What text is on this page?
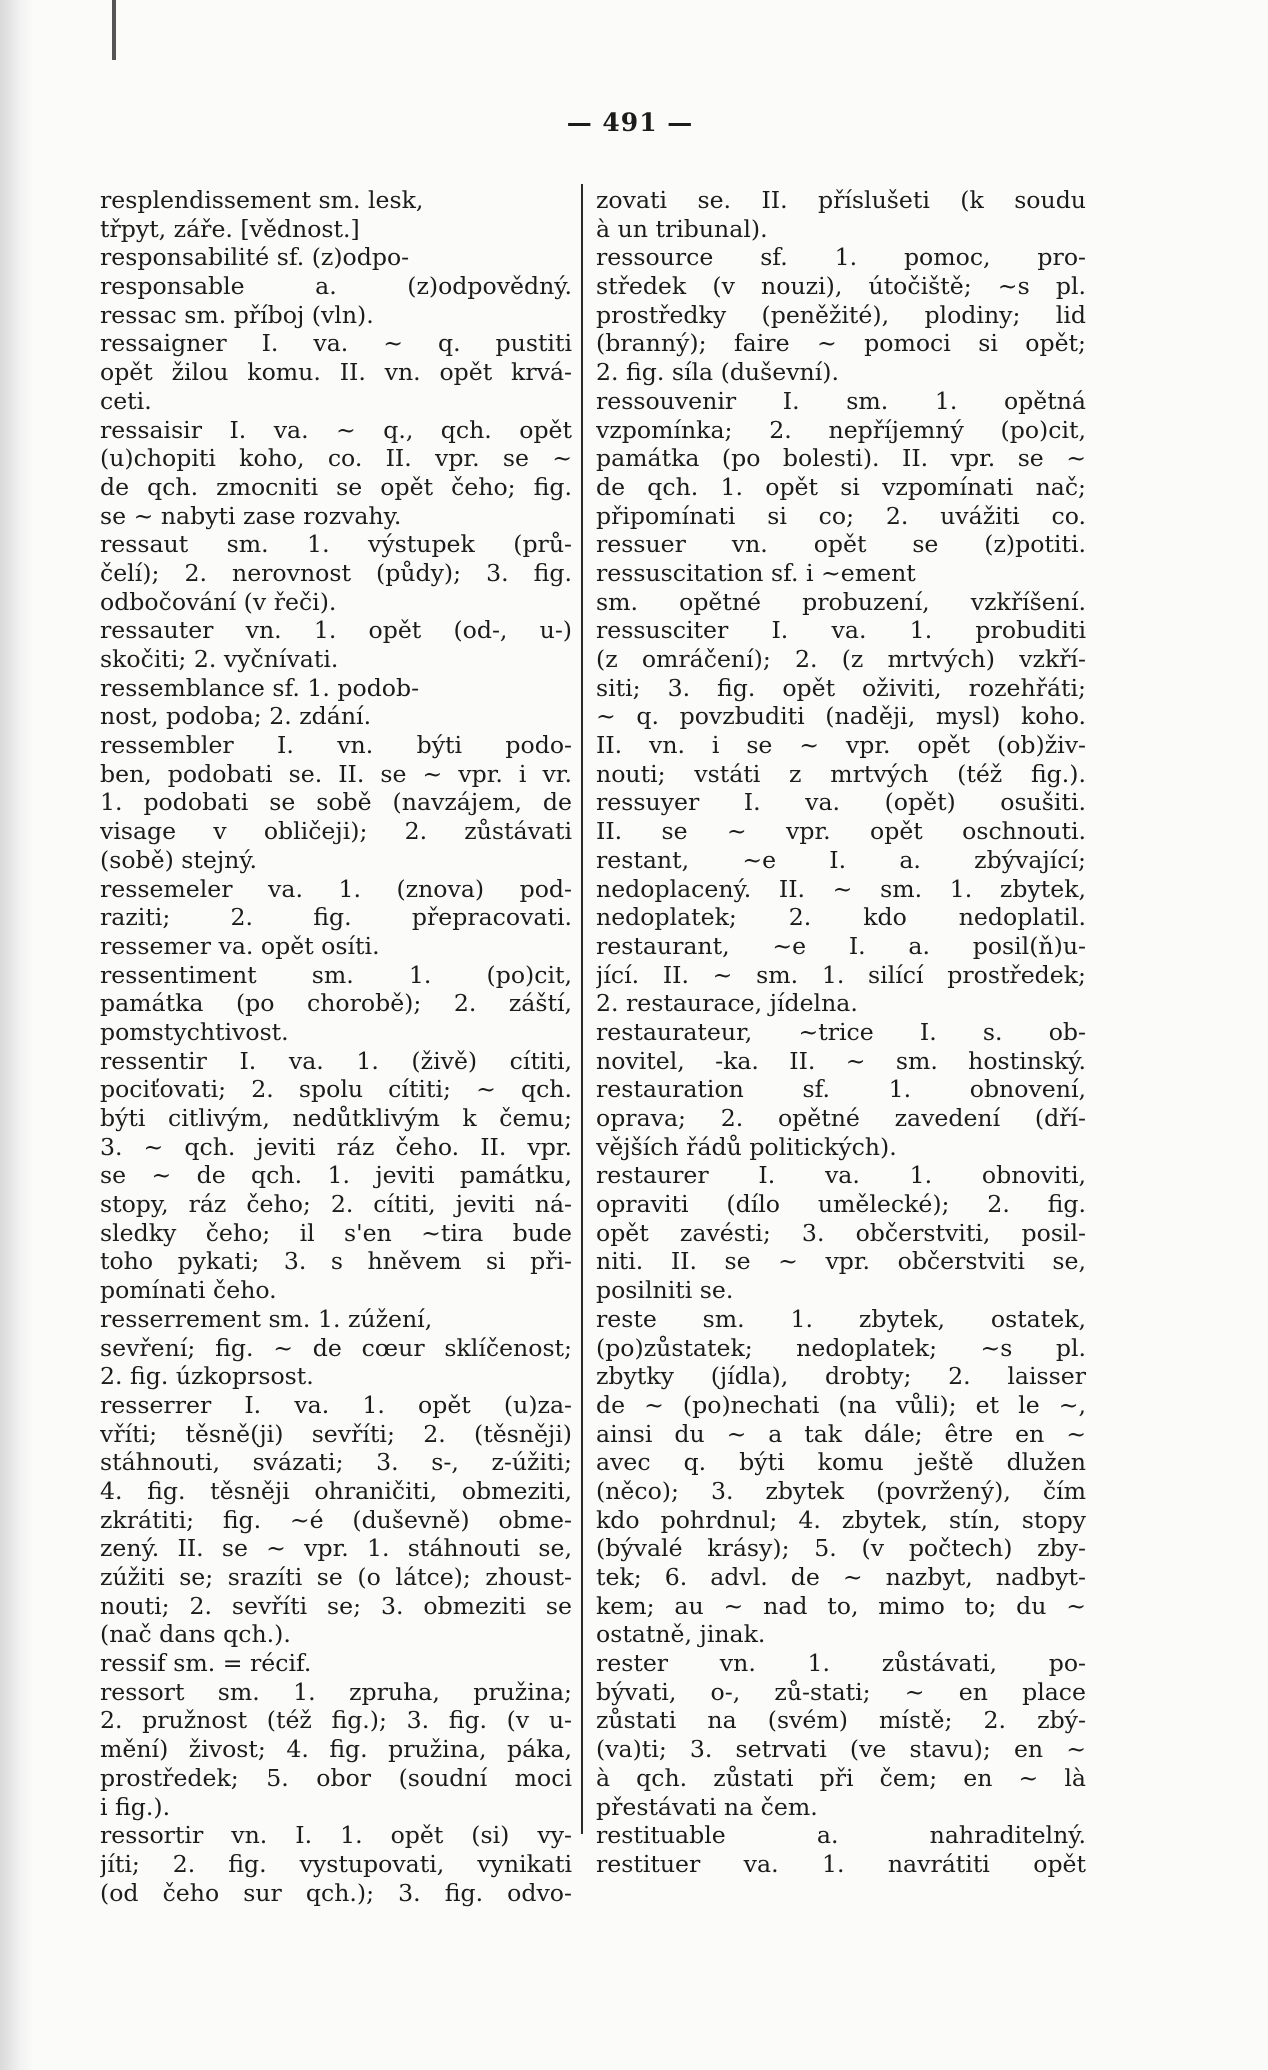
— 491 —
resplendissement sm. lesk,
třpyt, záře. [vědnost.]
responsabilité sf. (z)odpo-
responsable a. (z)odpovědný.
ressac sm. příboj (vln).
ressaigner I. va. ~ q. pustiti
opět žilou komu. II. vn. opět krvá-
ceti.
ressaisir I. va. ~ q., qch. opět
(u)chopiti koho, co. II. vpr. se ~
de qch. zmocniti se opět čeho; fig.
se ~ nabyti zase rozvahy.
ressaut sm. 1. výstupek (prů-
čelí); 2. nerovnost (půdy); 3. fig.
odbočování (v řeči).
ressauter vn. 1. opět (od-, u-)
skočiti; 2. vyčnívati.
ressemblance sf. 1. podob-
nost, podoba; 2. zdání.
ressembler I. vn. býti podo-
ben, podobati se. II. se ~ vpr. i vr.
1. podobati se sobě (navzájem, de
visage v obličeji); 2. zůstávati
(sobě) stejný.
ressemeler va. 1. (znova) pod-
raziti; 2. fig. přepracovati.
ressemer va. opět osíti.
ressentiment sm. 1. (po)cit,
památka (po chorobě); 2. záští,
pomstychtivost.
ressentir I. va. 1. (živě) cítiti,
pociťovati; 2. spolu cítiti; ~ qch.
býti citlivým, nedůtklivým k čemu;
3. ~ qch. jeviti ráz čeho. II. vpr.
se ~ de qch. 1. jeviti památku,
stopy, ráz čeho; 2. cítiti, jeviti ná-
sledky čeho; il s'en ~tira bude
toho pykati; 3. s hněvem si při-
pomínati čeho.
resserrement sm. 1. zúžení,
sevření; fig. ~ de cœur sklíčenost;
2. fig. úzkoprsost.
resserrer I. va. 1. opět (u)za-
vříti; těsně(ji) sevříti; 2. (těsněji)
stáhnouti, svázati; 3. s-, z-úžiti;
4. fig. těsněji ohraničiti, obmeziti,
zkrátiti; fig. ~é (duševně) obme-
zený. II. se ~ vpr. 1. stáhnouti se,
zúžiti se; srazíti se (o látce); zhoust-
nouti; 2. sevříti se; 3. obmeziti se
(nač dans qch.).
ressif sm. = récif.
ressort sm. 1. zpruha, pružina;
2. pružnost (též fig.); 3. fig. (v u-
mění) živost; 4. fig. pružina, páka,
prostředek; 5. obor (soudní moci
i fig.).
ressortir vn. I. 1. opět (si) vy-
jíti; 2. fig. vystupovati, vynikati
(od čeho sur qch.); 3. fig. odvo-
zovati se. II. příslušeti (k soudu
à un tribunal).
ressource sf. 1. pomoc, pro-
středek (v nouzi), útočiště; ~s pl.
prostředky (peněžité), plodiny; lid
(branný); faire ~ pomoci si opět;
2. fig. síla (duševní).
ressouvenir I. sm. 1. opětná
vzpomínka; 2. nepříjemný (po)cit,
památka (po bolesti). II. vpr. se ~
de qch. 1. opět si vzpomínati nač;
připomínati si co; 2. uvážiti co.
ressuer vn. opět se (z)potiti.
ressuscitation sf. i ~ement
sm. opětné probuzení, vzkříšení.
ressusciter I. va. 1. probuditi
(z omráčení); 2. (z mrtvých) vzkří-
siti; 3. fig. opět oživiti, rozehřáti;
~ q. povzbuditi (naději, mysl) koho.
II. vn. i se ~ vpr. opět (ob)živ-
nouti; vstáti z mrtvých (též fig.).
ressuyer I. va. (opět) osušiti.
II. se ~ vpr. opět oschnouti.
restant, ~e I. a. zbývající;
nedoplacený. II. ~ sm. 1. zbytek,
nedoplatek; 2. kdo nedoplatil.
restaurant, ~e I. a. posil(ň)u-
jící. II. ~ sm. 1. silící prostředek;
2. restaurace, jídelna.
restaurateur, ~trice I. s. ob-
novitel, -ka. II. ~ sm. hostinský.
restauration sf. 1. obnovení,
oprava; 2. opětné zavedení (dří-
vějších řádů politických).
restaurer I. va. 1. obnoviti,
opraviti (dílo umělecké); 2. fig.
opět zavésti; 3. občerstviti, posil-
niti. II. se ~ vpr. občerstviti se,
posilniti se.
reste sm. 1. zbytek, ostatek,
(po)zůstatek; nedoplatek; ~s pl.
zbytky (jídla), drobty; 2. laisser
de ~ (po)nechati (na vůli); et le ~,
ainsi du ~ a tak dále; être en ~
avec q. býti komu ještě dlužen
(něco); 3. zbytek (povržený), čím
kdo pohrdnul; 4. zbytek, stín, stopy
(bývalé krásy); 5. (v počtech) zby-
tek; 6. advl. de ~ nazbyt, nadbyt-
kem; au ~ nad to, mimo to; du ~
ostatně, jinak.
rester vn. 1. zůstávati, po-
bývati, o-, zů-stati; ~ en place
zůstati na (svém) místě; 2. zbý-
(va)ti; 3. setrvati (ve stavu); en ~
à qch. zůstati při čem; en ~ là
přestávati na čem.
restituable a. nahraditelný.
restituer va. 1. navrátiti opět
